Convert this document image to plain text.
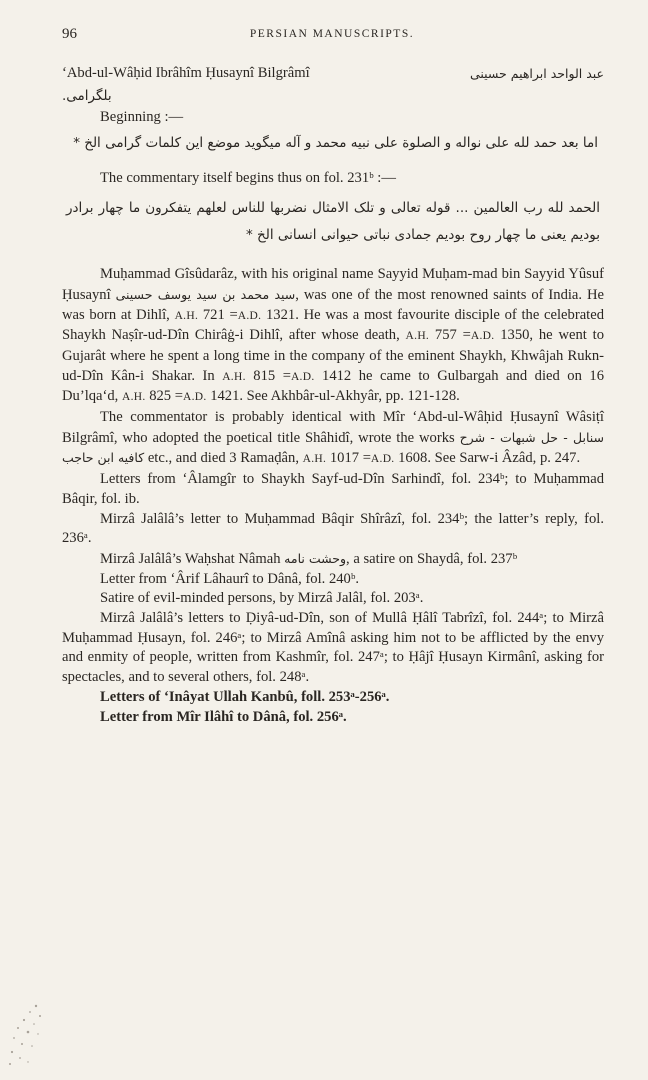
96	PERSIAN MANUSCRIPTS.

‘Abd-ul-Wâḥid Ibrâhîm Ḥusaynî Bilgrâmî	عبد الواحد ابراهیم حسینی

بلگرامی.

Beginning :—

اما بعد حمد لله علی نواله و الصلوة علی نبیه محمد و آله میگوید موضع این کلمات گرامی الخ *

The commentary itself begins thus on fol. 231ᵇ :—

الحمد لله رب العالمین ... قوله تعالی و تلک الامثال نضربها للناس لعلهم یتفکرون ما چهار برادر بودیم یعنی ما چهار روح بودیم جمادی نباتی حیوانی انسانی الخ *

Muḥammad Gîsûdarâz, with his original name Sayyid Muḥam-mad bin Sayyid Yûsuf Ḥusaynî سید محمد بن سید یوسف حسینی, was one of the most renowned saints of India. He was born at Dihlî, A.H. 721 =A.D. 1321. He was a most favourite disciple of the celebrated Shaykh Naṣîr-ud-Dîn Chirâġ-i Dihlî, after whose death, A.H. 757 =A.D. 1350, he went to Gujarât where he spent a long time in the company of the eminent Shaykh, Khwâjah Rukn-ud-Dîn Kân-i Shakar. In A.H. 815 =A.D. 1412 he came to Gulbargah and died on 16 Du’lqa‘d, A.H. 825 =A.D. 1421. See Akhbâr-ul-Akhyâr, pp. 121-128.

The commentator is probably identical with Mîr ‘Abd-ul-Wâḥid Ḥusaynî Wâsiṭî Bilgrâmî, who adopted the poetical title Shâhidî, wrote the works سنابل - حل شبهات - شرح کافیه ابن حاجب etc., and died 3 Ramaḍân, A.H. 1017 =A.D. 1608. See Sarw-i Âzâd, p. 247.

Letters from ‘Âlamgîr to Shaykh Sayf-ud-Dîn Sarhindî, fol. 234ᵇ; to Muḥammad Bâqir, fol. ib.

Mirzâ Jalâlâ’s letter to Muḥammad Bâqir Shîrâzî, fol. 234ᵇ; the latter’s reply, fol. 236ᵃ.

Mirzâ Jalâlâ’s Waḥshat Nâmah وحشت نامه, a satire on Shaydâ, fol. 237ᵇ

Letter from ‘Ârif Lâhaurî to Dânâ, fol. 240ᵇ.

Satire of evil-minded persons, by Mirzâ Jalâl, fol. 203ᵃ.

Mirzâ Jalâlâ’s letters to Ḍiyâ-ud-Dîn, son of Mullâ Ḥâlî Tabrîzî, fol. 244ᵃ; to Mirzâ Muḥammad Ḥusayn, fol. 246ᵃ; to Mirzâ Amînâ asking him not to be afflicted by the envy and enmity of people, written from Kashmîr, fol. 247ᵃ; to Ḥâjî Ḥusayn Kirmânî, asking for spectacles, and to several others, fol. 248ᵃ.

Letters of ‘Inâyat Ullah Kanbû, foll. 253ᵃ-256ᵃ.

Letter from Mîr Ilâhî to Dânâ, fol. 256ᵃ.
